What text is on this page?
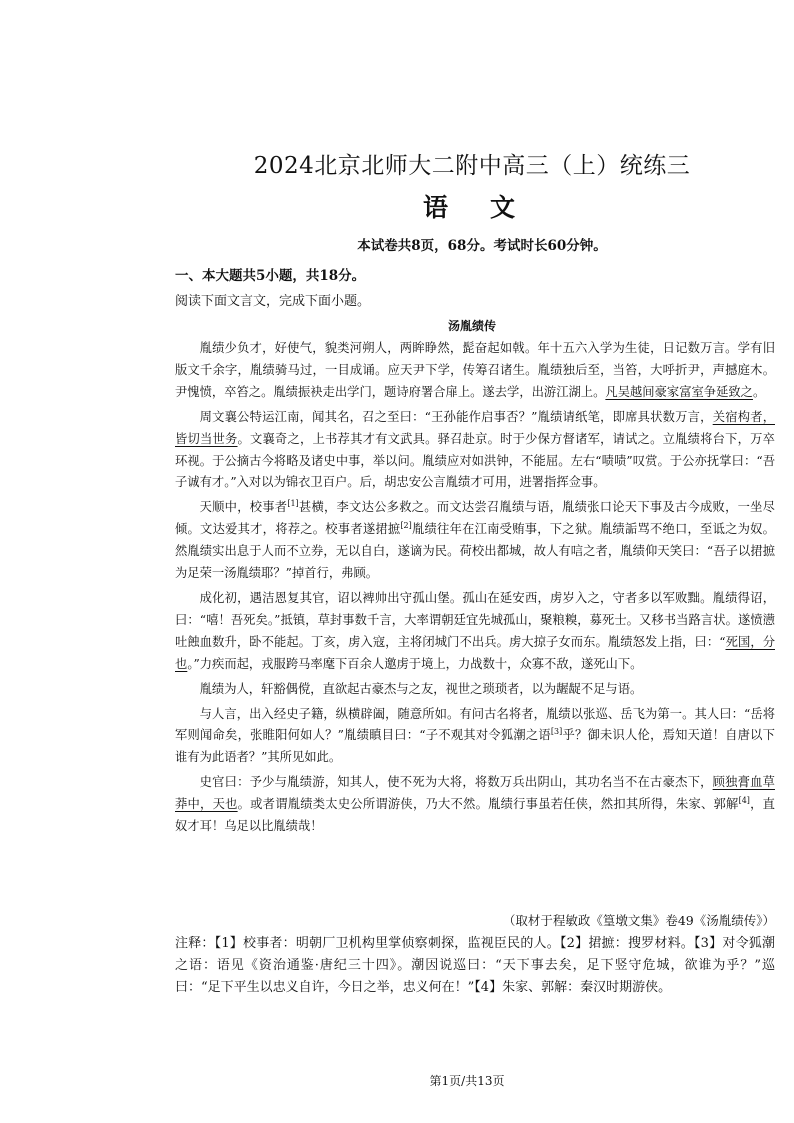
2024北京北师大二附中高三（上）统练三
语文
本试卷共8页，68分。考试时长60分钟。
一、本大题共5小题，共18分。
阅读下面文言文，完成下面小题。
汤胤绩传

胤绩少负才，好使气，貌类河朔人，两眸睁然，髭奋起如戟。年十五六入学为生徒，日记数万言。学有旧版文千余字，胤绩骑马过，一目成诵。应天尹下学，传筹召诸生。胤绩独后至，当笞，大呼折尹，声撼庭木。尹愧愤，卒笞之。胤绩振袂走出学门，题诗府署合扉上。遂去学，出游江湖上。凡吴越间豪家富室争延致之。

周文襄公特运江南，闻其名，召之至曰：“王孙能作启事否？”胤绩请纸笔，即席具状数万言，关宿构者，皆切当世务。文襄奇之，上书荐其才有文武具。驿召赴京。时于少保方督诸军，请试之。立胤绩将台下，万卒环视。于公摘古今将略及诸史中事，举以问。胤绩应对如洪钟，不能屈。左右“啧啧”叹赏。于公亦抚掌曰：“吾子诚有才。”入对以为锦衣卫百户。后，胡忠安公言胤绩才可用，进署指挥佥事。

天顺中，校事者[1]甚横，李文达公多救之。而文达尝召胤绩与语，胤绩张口论天下事及古今成败，一坐尽倾。文达爱其才，将荐之。校事者遂捃摭[2]胤绩往年在江南受贿事，下之狱。胤绩詬骂不绝口，至诋之为奴。然胤绩实出息于人而不立券，无以自白，遂谪为民。荷校出都城，故人有唁之者，胤绩仰天笑曰：“吾子以捃摭为足荣一汤胤绩耶？”掉首行，弗顾。

成化初，遇洁恩复其官，诏以裨帅出守孤山堡。孤山在延安西，虏岁入之，守者多以军败黜。胤绩得诏，曰：“嘻！吾死矣。”抵镇，草封事数千言，大率谓朝廷宜先城孤山，聚粮糗，募死士。又移书当路言状。遂愤懑吐蝕血数升，卧不能起。丁亥，虏入寇，主将闭城门不出兵。虏大掠子女而东。胤绩怒发上指，曰：“死国，分也。”力疾而起，戎服跨马率麾下百余人邀虏于境上，力战数十，众寡不敌，遂死山下。

胤绩为人，轩豁偶傥，直欲起古豪杰与之友，视世之琐琐者，以为龌龊不足与语。

与人言，出入经史子籍，纵横辟阖，随意所如。有问古名将者，胤绩以张巡、岳飞为第一。其人曰：“岳将军则闻命矣，张睢阳何如人？”胤绩瞋目曰：“子不观其对令狐潮之语[3]乎？御未识人伦，焉知天道！自唐以下谁有为此语者？”其所见如此。

史官曰：予少与胤绩游，知其人，使不死为大将，将数万兵出阴山，其功名当不在古豪杰下，顾独膏血草莽中，天也。或者谓胤绩类太史公所谓游侠，乃大不然。胤绩行事虽若任侠，然扣其所得，朱家、郭解[4]，直奴才耳！乌足以比胤绩哉！

（取材于程敏政《篁墩文集》卷49《汤胤绩传》）
注释：【1】校事者：明朝厂卫机构里掌侦察刺探，监视臣民的人。【2】捃摭：搜罗材料。【3】对令狐潮之语：语见《资治通鉴·唐纪三十四》。潮因说巡曰：“天下事去矣，足下竖守危城，欲谁为乎？”巡曰：“足下平生以忠义自许，今日之举，忠义何在！”【4】朱家、郭解：秦汉时期游侠。
第1页/共13页
